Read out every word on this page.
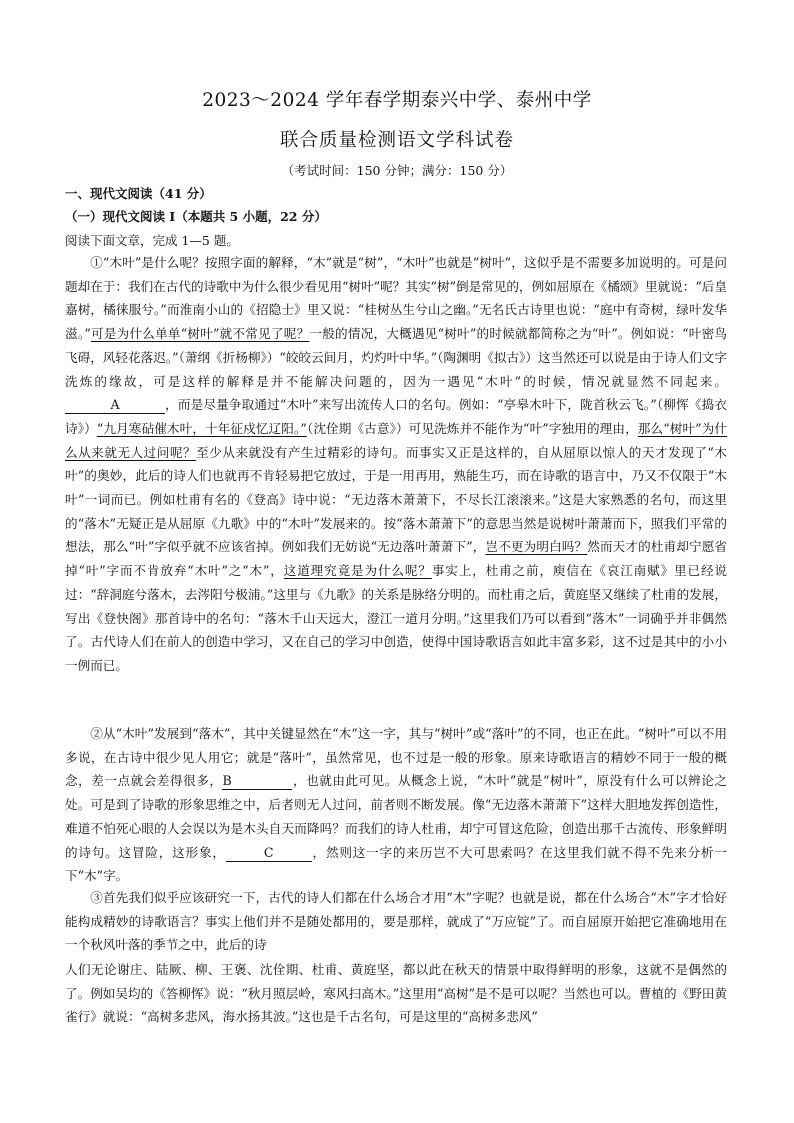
2023～2024 学年春学期泰兴中学、泰州中学
联合质量检测语文学科试卷
（考试时间：150 分钟；满分：150 分）
一、现代文阅读（41 分）
（一）现代文阅读 I（本题共 5 小题，22 分）
阅读下面文章，完成 1—5 题。

①“木叶”是什么呢？按照字面的解释，“木”就是“树”，“木叶”也就是“树叶”，这似乎是不需要多加说明的。可是问题却在于：我们在古代的诗歌中为什么很少看见用“树叶”呢？其实“树”倒是常见的，例如屈原在《橘颂》里就说：“后皇嘉树，橘徕服兮。”而淮南小山的《招隐士》里又说：“桂树丛生兮山之幽。”无名氏古诗里也说：“庭中有奇树，绿叶发华滋。”可是为什么单单“树叶”就不常见了呢？一般的情况，大概遇见“树叶”的时候就都简称之为“叶”。例如说：“叶密鸟飞碍，风轻花落迟。”（萧纲《折杨柳》）“皎皎云间月，灼灼叶中华。”（陶渊明《拟古》）这当然还可以说是由于诗人们文字洗炼的缘故，可是这样的解释是并不能解决问题的，因为一遇见“木叶”的时候，情况就显然不同起来。A	，而是尽量争取通过“木叶”来写出流传人口的名句。例如：“亭皋木叶下，陇首秋云飞。”（柳恽《捣衣诗》）“九月寒砧催木叶，十年征戍忆辽阳。”（沈佺期《古意》）可见洗炼并不能作为“叶”字独用的理由，那么“树叶”为什么从来就无人过问呢？至少从来就没有产生过精彩的诗句。而事实又正是这样的，自从屈原以惊人的天才发现了“木叶”的奥妙，此后的诗人们也就再不肯轻易把它放过，于是一用再用，熟能生巧，而在诗歌的语言中，乃又不仅限于“木叶”一词而已。例如杜甫有名的《登高》诗中说：“无边落木萧萧下，不尽长江滚滚来。”这是大家熟悉的名句，而这里的“落木”无疑正是从屈原《九歌》中的“木叶”发展来的。按“落木萧萧下”的意思当然是说树叶萧萧而下，照我们平常的想法，那么“叶”字似乎就不应该省掉。例如我们无妨说“无边落叶萧萧下”，岂不更为明白吗？然而天才的杜甫却宁愿省掉“叶”字而不肯放弃“木叶”之“木”，这道理究竟是为什么呢？事实上，杜甫之前，庾信在《哀江南赋》里已经说过：“辞洞庭兮落木，去涔阳兮极浦。”这里与《九歌》的关系是脉络分明的。而杜甫之后，黄庭坚又继续了杜甫的发展，写出《登快阁》那首诗中的名句：“落木千山天远大，澄江一道月分明。”这里我们乃可以看到“落木”一词确乎并非偶然了。古代诗人们在前人的创造中学习，又在自己的学习中创造，使得中国诗歌语言如此丰富多彩，这不过是其中的小小一例而已。

②从“木叶”发展到“落木”，其中关键显然在“木”这一字，其与“树叶”或“落叶”的不同，也正在此。“树叶”可以不用多说，在古诗中很少见人用它；就是“落叶”，虽然常见，也不过是一般的形象。原来诗歌语言的精妙不同于一般的概念，差一点就会差得很多，B	，也就由此可见。从概念上说，“木叶”就是“树叶”，原没有什么可以辨论之处。可是到了诗歌的形象思维之中，后者则无人过问，前者则不断发展。像“无边落木萧萧下”这样大胆地发挥创造性，难道不怕死心眼的人会误以为是木头自天而降吗？而我们的诗人杜甫，却宁可冒这危险，创造出那千古流传、形象鲜明的诗句。这冒险，这形象，	C	，然则这一字的来历岂不大可思索吗？在这里我们就不得不先来分析一下“木”字。

③首先我们似乎应该研究一下，古代的诗人们都在什么场合才用“木”字呢？也就是说，都在什么场合“木”字才恰好能构成精妙的诗歌语言？事实上他们并不是随处都用的，要是那样，就成了“万应锭”了。而自屈原开始把它准确地用在一个秋风叶落的季节之中，此后的诗

人们无论谢庄、陆厥、柳、王褒、沈佺期、杜甫、黄庭坚，都以此在秋天的情景中取得鲜明的形象，这就不是偶然的了。例如吴均的《答柳恽》说：“秋月照层岭，寒风扫高木。”这里用“高树”是不是可以呢？当然也可以。曹植的《野田黄雀行》就说：“高树多悲风，海水扬其波。”这也是千古名句，可是这里的“高树多悲风”
